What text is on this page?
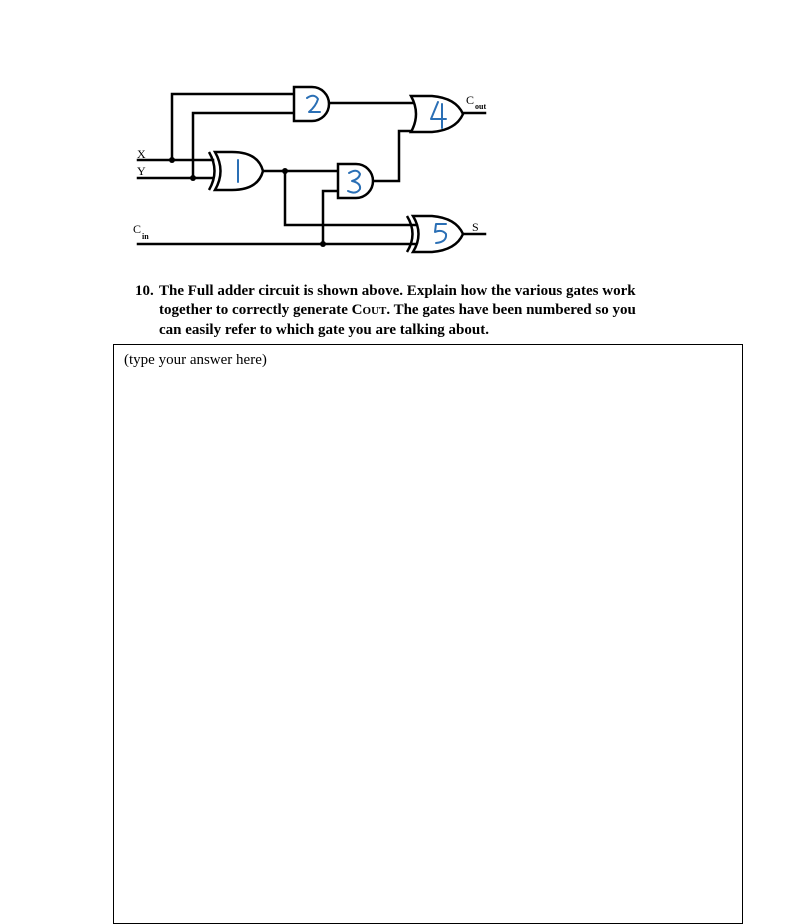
X
Y
C
in
C out
S
10. The Full adder circuit is shown above. Explain how the various gates work
together to correctly generate COUT. The gates have been numbered so you
can easily refer to which gate you are talking about.
(type your answer here)
